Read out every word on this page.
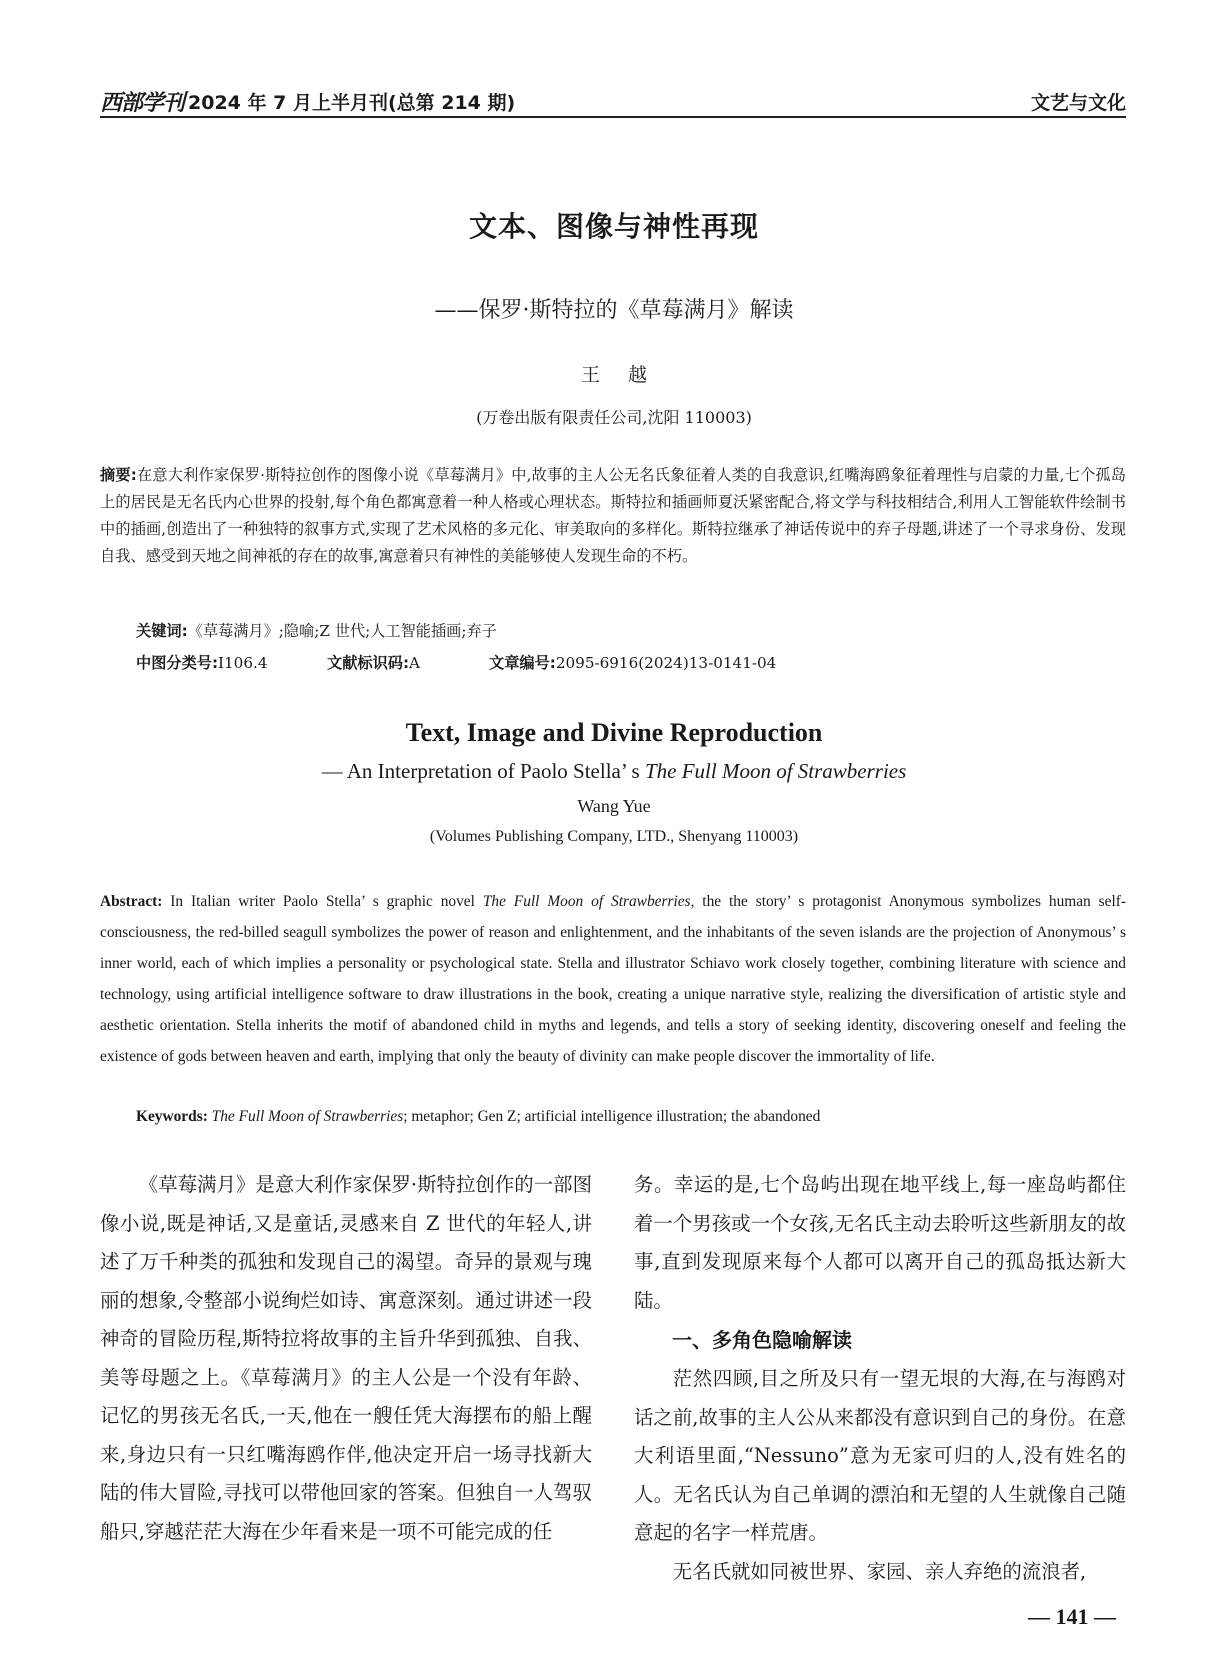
西部学刊 2024 年 7 月上半月刊(总第 214 期)	文艺与文化
文本、图像与神性再现
——保罗·斯特拉的《草莓满月》解读
王越
(万卷出版有限责任公司,沈阳 110003)
摘要:在意大利作家保罗·斯特拉创作的图像小说《草莓满月》中,故事的主人公无名氏象征着人类的自我意识,红嘴海鸥象征着理性与启蒙的力量,七个孤岛上的居民是无名氏内心世界的投射,每个角色都寓意着一种人格或心理状态。斯特拉和插画师夏沃紧密配合,将文学与科技相结合,利用人工智能软件绘制书中的插画,创造出了一种独特的叙事方式,实现了艺术风格的多元化、审美取向的多样化。斯特拉继承了神话传说中的弃子母题,讲述了一个寻求身份、发现自我、感受到天地之间神祇的存在的故事,寓意着只有神性的美能够使人发现生命的不朽。
关键词:《草莓满月》;隐喻;Z 世代;人工智能插画;弃子
中图分类号:I106.4	文献标识码:A	文章编号:2095-6916(2024)13-0141-04
Text, Image and Divine Reproduction
— An Interpretation of Paolo Stella’ s The Full Moon of Strawberries
Wang Yue
(Volumes Publishing Company, LTD., Shenyang 110003)
Abstract: In Italian writer Paolo Stella’ s graphic novel The Full Moon of Strawberries, the the story’ s protagonist Anonymous symbolizes human self-consciousness, the red-billed seagull symbolizes the power of reason and enlightenment, and the inhabitants of the seven islands are the projection of Anonymous’ s inner world, each of which implies a personality or psychological state. Stella and illustrator Schiavo work closely together, combining literature with science and technology, using artificial intelligence software to draw illustrations in the book, creating a unique narrative style, realizing the diversification of artistic style and aesthetic orientation. Stella inherits the motif of abandoned child in myths and legends, and tells a story of seeking identity, discovering oneself and feeling the existence of gods between heaven and earth, implying that only the beauty of divinity can make people discover the immortality of life.
Keywords: The Full Moon of Strawberries; metaphor; Gen Z; artificial intelligence illustration; the abandoned

《草莓满月》是意大利作家保罗·斯特拉创作的一部图像小说,既是神话,又是童话,灵感来自 Z 世代的年轻人,讲述了万千种类的孤独和发现自己的渴望。奇异的景观与瑰丽的想象,令整部小说绚烂如诗、寓意深刻。通过讲述一段神奇的冒险历程,斯特拉将故事的主旨升华到孤独、自我、美等母题之上。《草莓满月》的主人公是一个没有年龄、记忆的男孩无名氏,一天,他在一艘任凭大海摆布的船上醒来,身边只有一只红嘴海鸥作伴,他决定开启一场寻找新大陆的伟大冒险,寻找可以带他回家的答案。但独自一人驾驭船只,穿越茫茫大海在少年看来是一项不可能完成的任

务。幸运的是,七个岛屿出现在地平线上,每一座岛屿都住着一个男孩或一个女孩,无名氏主动去聆听这些新朋友的故事,直到发现原来每个人都可以离开自己的孤岛抵达新大陆。

一、多角色隐喻解读

茫然四顾,目之所及只有一望无垠的大海,在与海鸥对话之前,故事的主人公从来都没有意识到自己的身份。在意大利语里面,“Nessuno”意为无家可归的人,没有姓名的人。无名氏认为自己单调的漂泊和无望的人生就像自己随意起的名字一样荒唐。

无名氏就如同被世界、家园、亲人弃绝的流浪者,

— 141 —
